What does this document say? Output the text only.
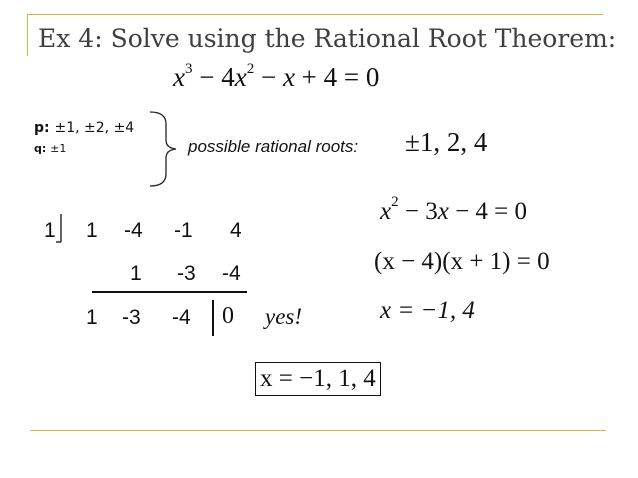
Ex 4: Solve using the Rational Root Theorem:
$x^3 - 4x^2 - x + 4 = 0$
p: ±1, ±2, ±4
q: ±1	possible rational roots: ±1, 2, 4
1 1 -4 -1 4
1 -3 -4
1 -3 -4 0 yes!
$x^2 - 3x - 4 = 0$
(x − 4)(x + 1) = 0
x = −1, 4
x = −1, 1, 4
